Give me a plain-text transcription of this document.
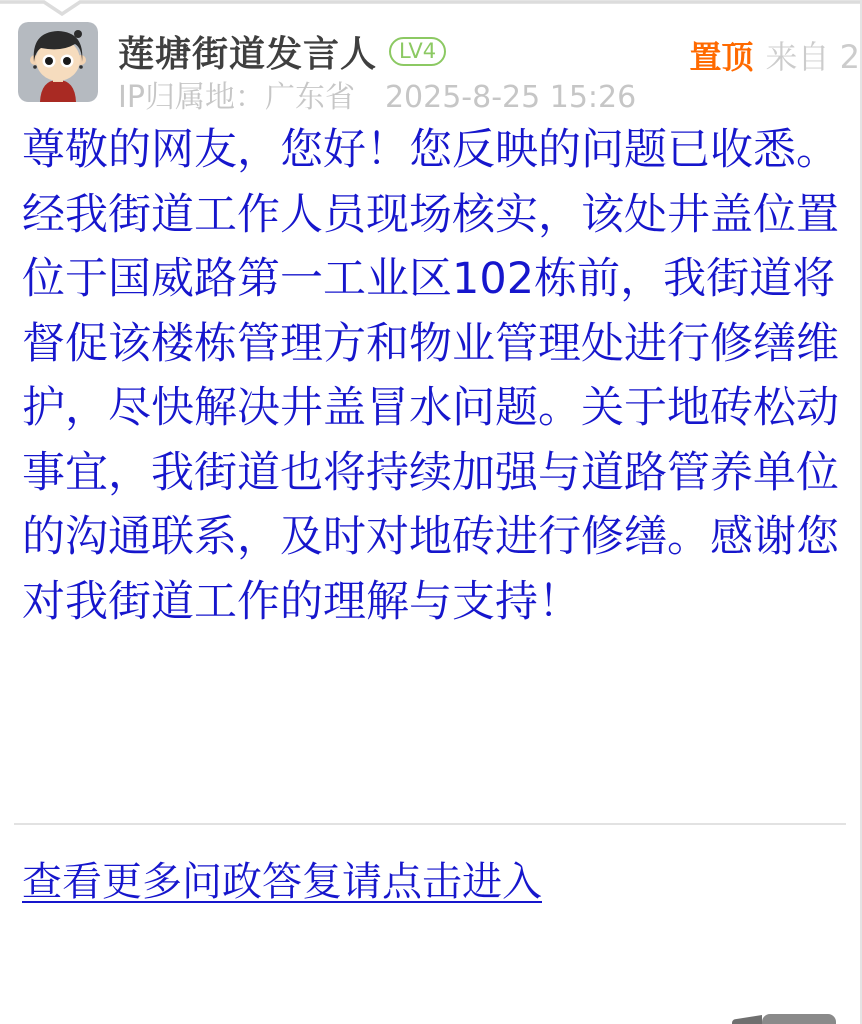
莲塘街道发言人	LV4
IP归属地：广东省 2025-8-25 15:26
置顶 来自 2
尊敬的网友，您好！您反映的问题已收悉。经我街道工作人员现场核实，该处井盖位置位于国威路第一工业区102栋前，我街道将督促该楼栋管理方和物业管理处进行修缮维护，尽快解决井盖冒水问题。关于地砖松动事宜，我街道也将持续加强与道路管养单位的沟通联系，及时对地砖进行修缮。感谢您对我街道工作的理解与支持！
查看更多问政答复请点击进入
